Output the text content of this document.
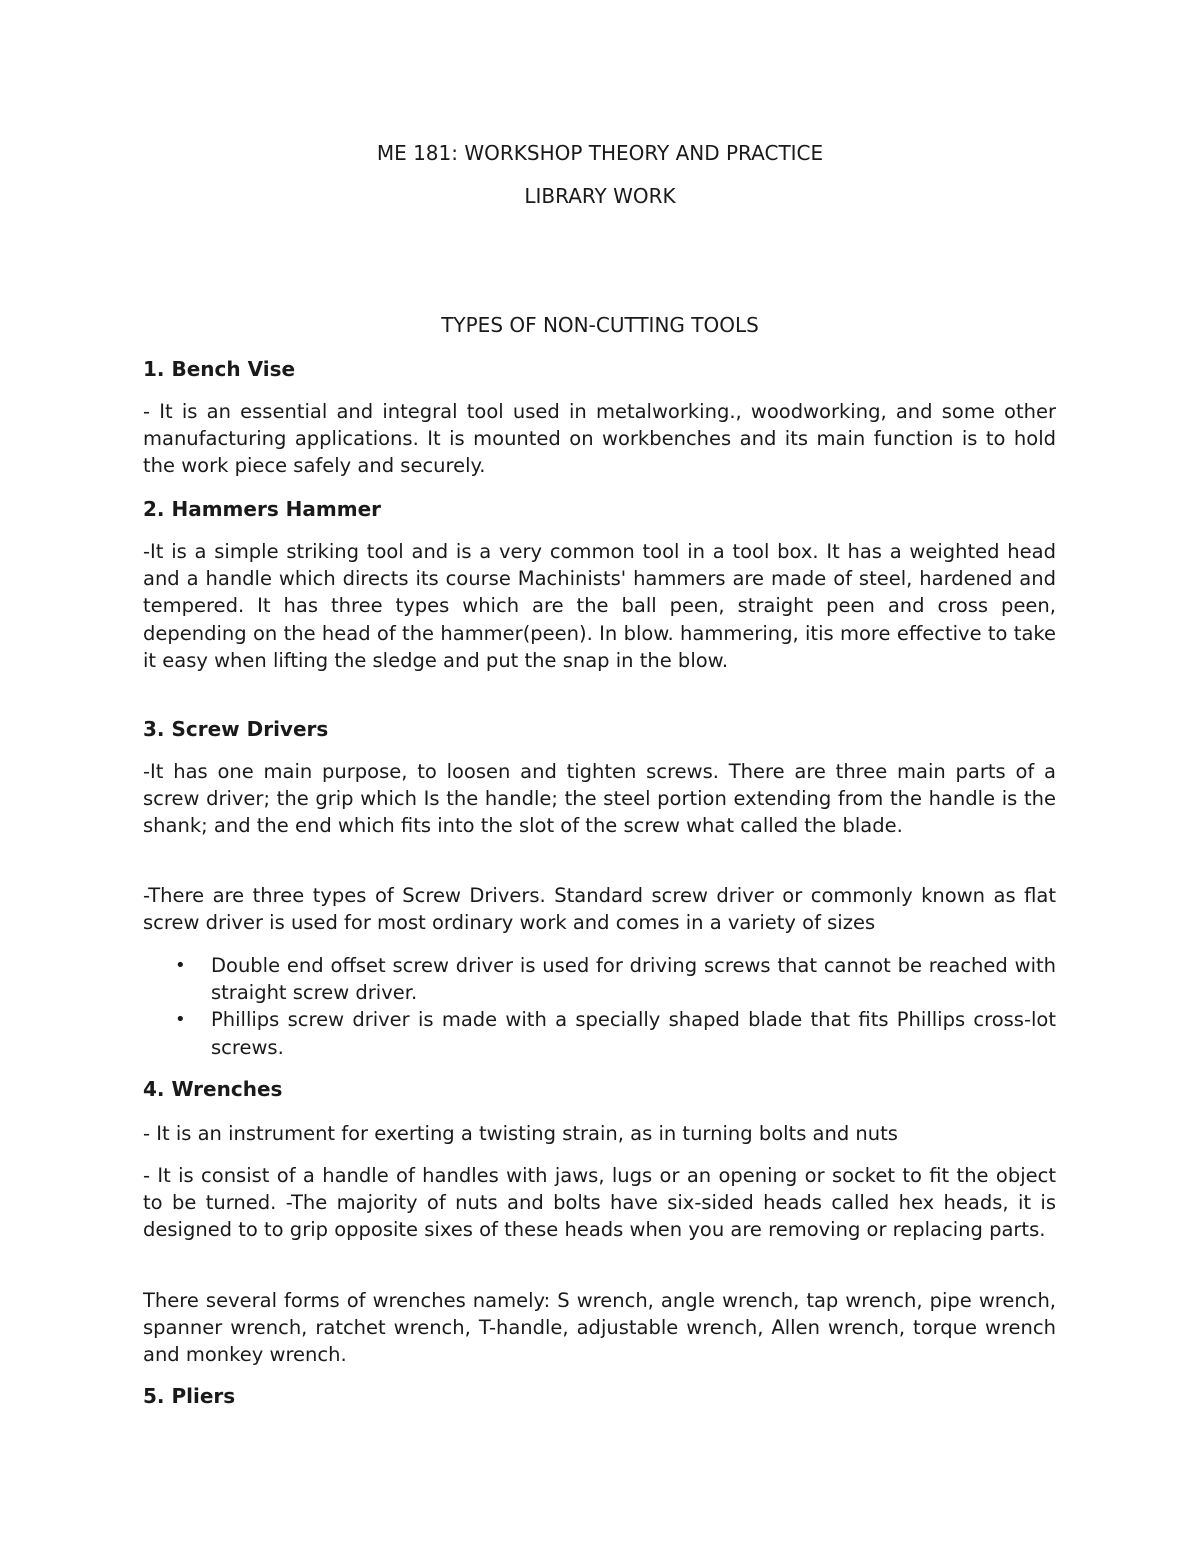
ME 181: WORKSHOP THEORY AND PRACTICE
LIBRARY WORK
TYPES OF NON-CUTTING TOOLS
1. Bench Vise
- It is an essential and integral tool used in metalworking., woodworking, and some other manufacturing applications. It is mounted on workbenches and its main function is to hold the work piece safely and securely.
2. Hammers Hammer
-It is a simple striking tool and is a very common tool in a tool box. It has a weighted head and a handle which directs its course Machinists' hammers are made of steel, hardened and tempered. It has three types which are the ball peen, straight peen and cross peen, depending on the head of the hammer(peen). In blow. hammering, itis more effective to take it easy when lifting the sledge and put the snap in the blow.
3. Screw Drivers
-It has one main purpose, to loosen and tighten screws. There are three main parts of a screw driver; the grip which Is the handle; the steel portion extending from the handle is the shank; and the end which fits into the slot of the screw what called the blade.
-There are three types of Screw Drivers. Standard screw driver or commonly known as flat screw driver is used for most ordinary work and comes in a variety of sizes
• Double end offset screw driver is used for driving screws that cannot be reached with straight screw driver.
• Phillips screw driver is made with a specially shaped blade that fits Phillips cross-lot screws.
4. Wrenches
- It is an instrument for exerting a twisting strain, as in turning bolts and nuts
- It is consist of a handle of handles with jaws, lugs or an opening or socket to fit the object to be turned. -The majority of nuts and bolts have six-sided heads called hex heads, it is designed to to grip opposite sixes of these heads when you are removing or replacing parts.
There several forms of wrenches namely: S wrench, angle wrench, tap wrench, pipe wrench, spanner wrench, ratchet wrench, T-handle, adjustable wrench, Allen wrench, torque wrench and monkey wrench.
5. Pliers
